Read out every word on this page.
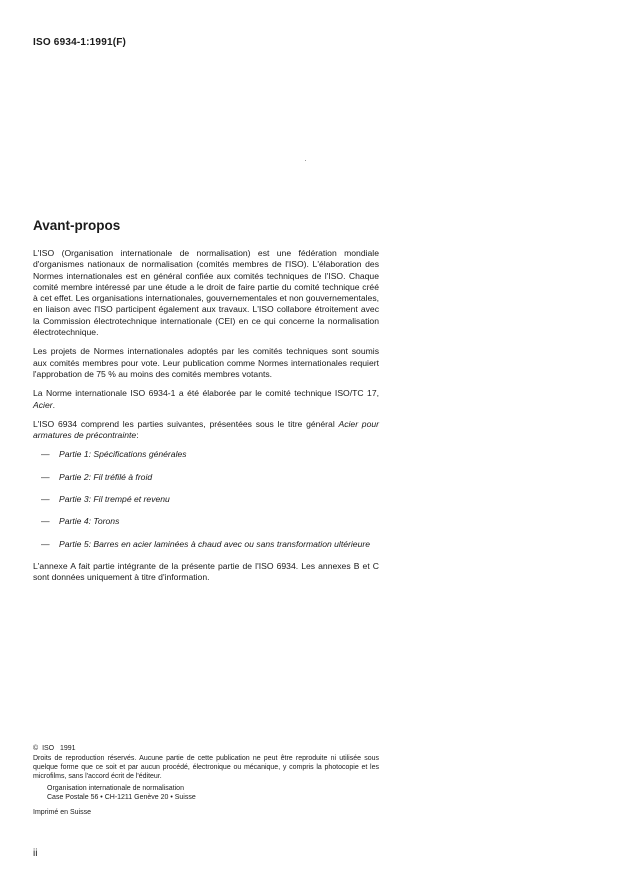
ISO 6934-1:1991(F)
Avant-propos

L'ISO (Organisation internationale de normalisation) est une fédération mondiale d'organismes nationaux de normalisation (comités membres de l'ISO). L'élaboration des Normes internationales est en général confiée aux comités techniques de l'ISO. Chaque comité membre intéressé par une étude a le droit de faire partie du comité technique créé à cet effet. Les organisations internationales, gouvernementales et non gouvernementales, en liaison avec l'ISO participent également aux travaux. L'ISO collabore étroitement avec la Commission électrotechnique internationale (CEI) en ce qui concerne la normalisation électrotechnique.

Les projets de Normes internationales adoptés par les comités techniques sont soumis aux comités membres pour vote. Leur publication comme Normes internationales requiert l'approbation de 75 % au moins des comités membres votants.

La Norme internationale ISO 6934-1 a été élaborée par le comité technique ISO/TC 17, Acier.

L'ISO 6934 comprend les parties suivantes, présentées sous le titre général Acier pour armatures de précontrainte:

— Partie 1: Spécifications générales
— Partie 2: Fil tréfilé à froid
— Partie 3: Fil trempé et revenu
— Partie 4: Torons
— Partie 5: Barres en acier laminées à chaud avec ou sans transformation ultérieure

L'annexe A fait partie intégrante de la présente partie de l'ISO 6934. Les annexes B et C sont données uniquement à titre d'information.

© ISO 1991
Droits de reproduction réservés. Aucune partie de cette publication ne peut être reproduite ni utilisée sous quelque forme que ce soit et par aucun procédé, électronique ou mécanique, y compris la photocopie et les microfilms, sans l'accord écrit de l'éditeur.
Organisation internationale de normalisation
Case Postale 56 • CH-1211 Genève 20 • Suisse
Imprimé en Suisse
ii
